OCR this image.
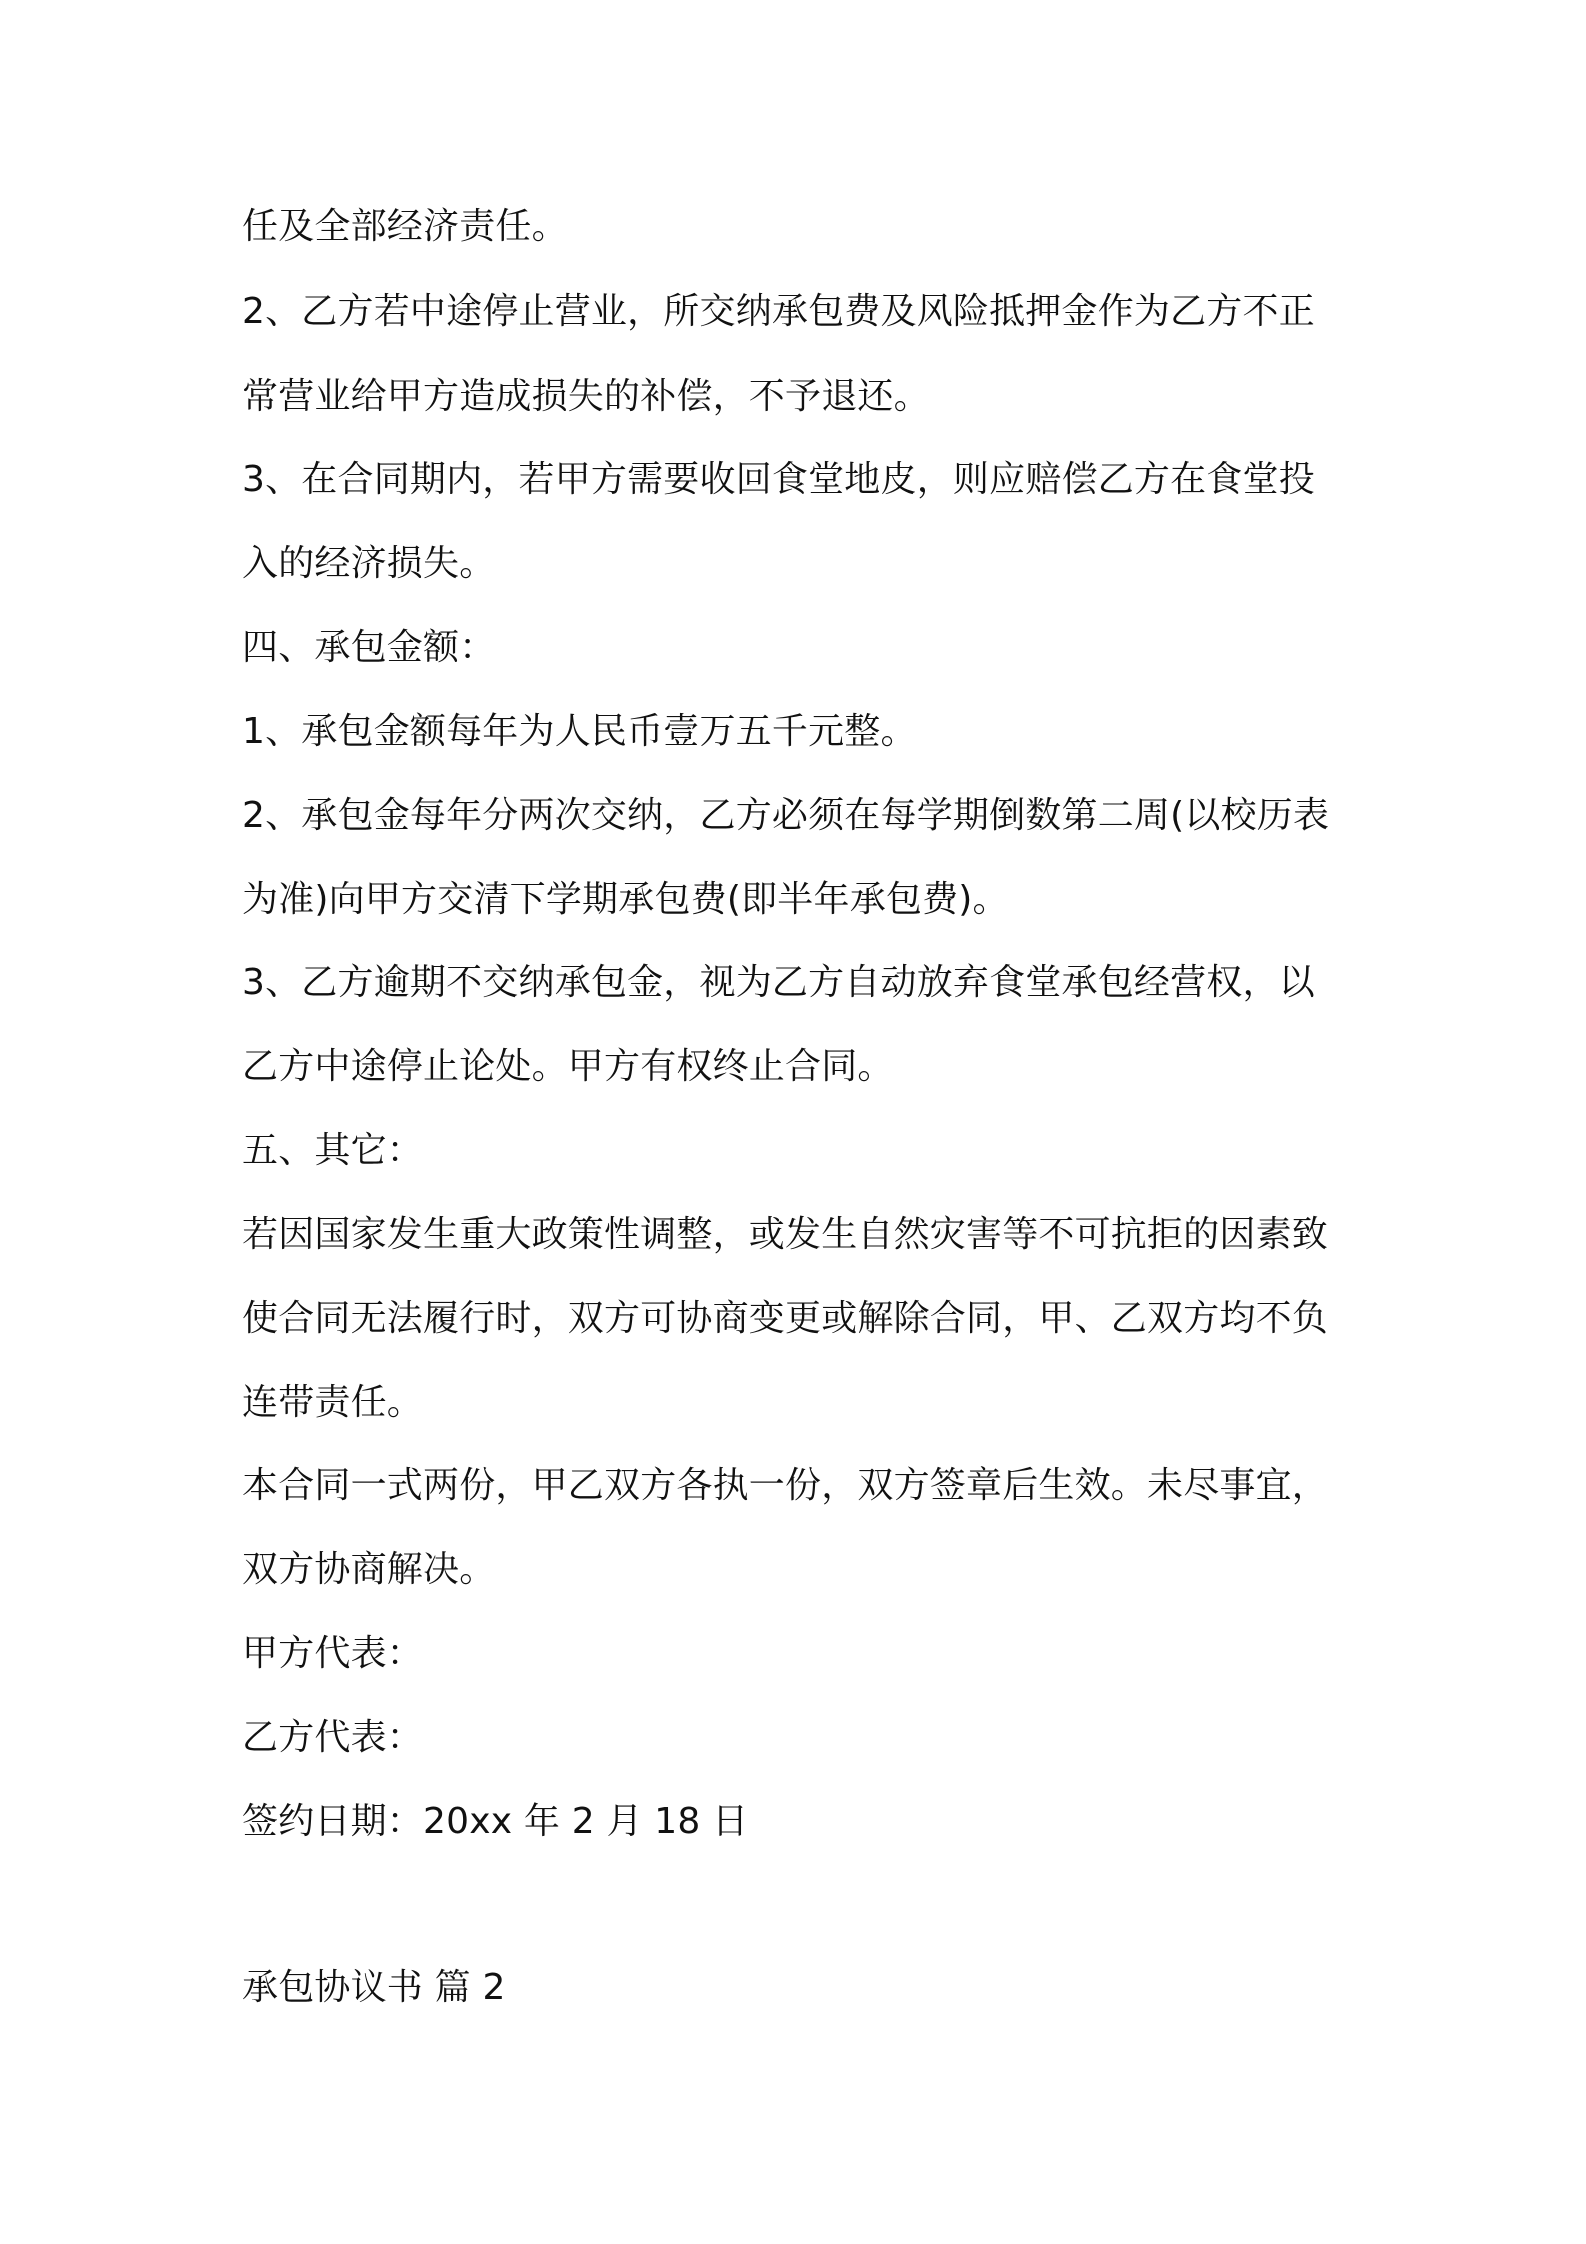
任及全部经济责任。
2、乙方若中途停止营业，所交纳承包费及风险抵押金作为乙方不正
常营业给甲方造成损失的补偿，不予退还。
3、在合同期内，若甲方需要收回食堂地皮，则应赔偿乙方在食堂投
入的经济损失。
四、承包金额：
1、承包金额每年为人民币壹万五千元整。
2、承包金每年分两次交纳，乙方必须在每学期倒数第二周(以校历表
为准)向甲方交清下学期承包费(即半年承包费)。
3、乙方逾期不交纳承包金，视为乙方自动放弃食堂承包经营权，以
乙方中途停止论处。甲方有权终止合同。
五、其它：
若因国家发生重大政策性调整，或发生自然灾害等不可抗拒的因素致
使合同无法履行时，双方可协商变更或解除合同，甲、乙双方均不负
连带责任。
本合同一式两份，甲乙双方各执一份，双方签章后生效。未尽事宜，
双方协商解决。
甲方代表：
乙方代表：
签约日期：20xx 年 2 月 18 日
承包协议书 篇 2
